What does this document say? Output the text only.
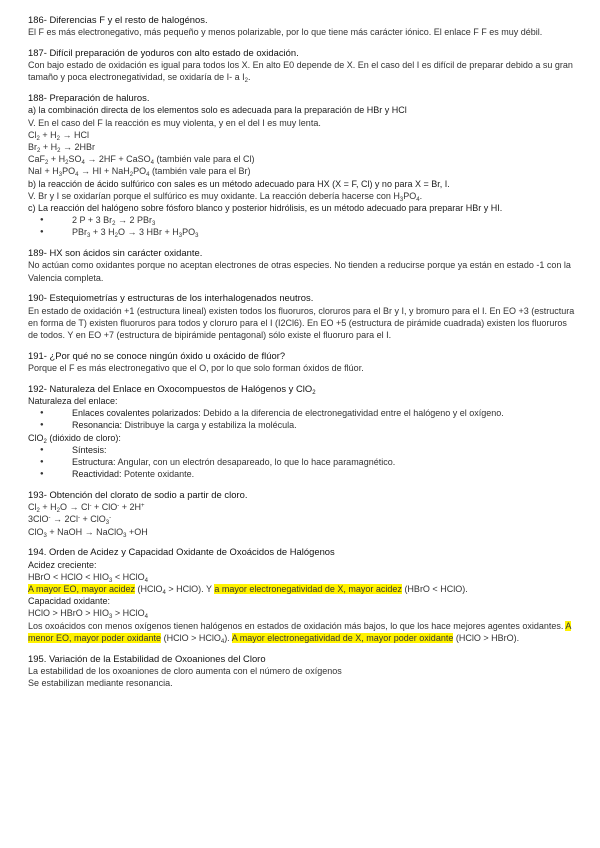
186- Diferencias F y el resto de halogénos.

El F es más electronegativo, más pequeño y menos polarizable, por lo que tiene más carácter iónico. El enlace F F es muy débil.

187- Difícil preparación de yoduros con alto estado de oxidación.

Con bajo estado de oxidación es igual para todos los X. En alto E0 depende de X. En el caso del I es difícil de preparar debido a su gran tamaño y poca electronegatividad, se oxidaría de I- a $I_2$.

188- Preparación de haluros.
a) la combinación directa de los elementos solo es adecuada para la preparación de HBr y HCl

V. En el caso del F la reacción es muy violenta, y en el del I es muy lenta.

$Cl_2 + H_2$ → HCl

$Br_2 + H_2 \to 2HBr$

$CaF_2 + H_2SO_4 \to 2HF$ + CaSO$_4$ (también vale para el Cl)

NaI + $H_3PO_4$ → HI + $NaH_2PO_4$ (también vale para el Br)

b) la reacción de ácido sulfúrico con sales es un método adecuado para HX (X = F, Cl) y no para X = Br, I.

V. Br y I se oxidarían porque el sulfúrico es muy oxidante. La reacción debería hacerse con $H_3PO_4$.

c) La reacción del halógeno sobre fósforo blanco y posterior hidrólisis, es un método adecuado para preparar HBr y HI.
● 2 P + 3 $Br_2 \to 2$ PBr$_3$
● PBr$_3$ + 3 $H_2O \to 3$ HBr + $H_3PO_3$
189- HX son ácidos sin carácter oxidante.

No actúan como oxidantes porque no aceptan electrones de otras especies. No tienden a reducirse porque ya están en estado -1 con la Valencia completa.

190- Estequiometrías y estructuras de los interhalogenados neutros.

En estado de oxidación +1 (estructura lineal) existen todos los fluoruros, cloruros para el Br y I, y bromuro para el I. En EO +3 (estructura en forma de T) existen fluoruros para todos y cloruro para el I (I2Cl6). En EO +5 (estructura de pirámide cuadrada) existen los fluoruros de todos. Y en EO +7 (estructura de bipirámide pentagonal) sólo existe el fluoruro para el I.

191- ¿Por qué no se conoce ningún óxido u oxácido de flúor?

Porque el F es más electronegativo que el O, por lo que solo forman óxidos de flúor.

192- Naturaleza del Enlace en Oxocompuestos de Halógenos y ClO$_2$
Naturaleza del enlace:
● Enlaces covalentes polarizados: Debido a la diferencia de electronegatividad entre el halógeno y el oxígeno.
● Resonancia: Distribuye la carga y estabiliza la molécula.
ClO$_2$ (dióxido de cloro):
● Síntesis:
● Estructura: Angular, con un electrón desapareado, lo que lo hace paramagnético.
● Reactividad: Potente oxidante.
193- Obtención del clorato de sodio a partir de cloro.

$Cl_2 + H_2O \to Cl^- + ClO^- + 2H^+$

3ClO- → 2Cl- + ClO$_3$-

ClO$_3$ + NaOH → NaClO$_3$ +OH

194. Orden de Acidez y Capacidad Oxidante de Oxoácidos de Halógenos
Acidez creciente:

HBrO < HClO < $HIO_3$ < HClO$_4$

A mayor EO, mayor acidez (HClO$_4$ > HClO). Y a mayor electronegatividad de X, mayor acidez (HBrO < HClO).

Capacidad oxidante:

HClO > HBrO > $HIO_3$ > HClO$_4$

Los oxoácidos con menos oxígenos tienen halógenos en estados de oxidación más bajos, lo que los hace mejores agentes oxidantes. A menor EO, mayor poder oxidante (HClO > HClO$_4$). A mayor electronegatividad de X, mayor poder oxidante (HClO > HBrO).

195. Variación de la Estabilidad de Oxoaniones del Cloro

La estabilidad de los oxoaniones de cloro aumenta con el número de oxígenos

Se estabilizan mediante resonancia.
